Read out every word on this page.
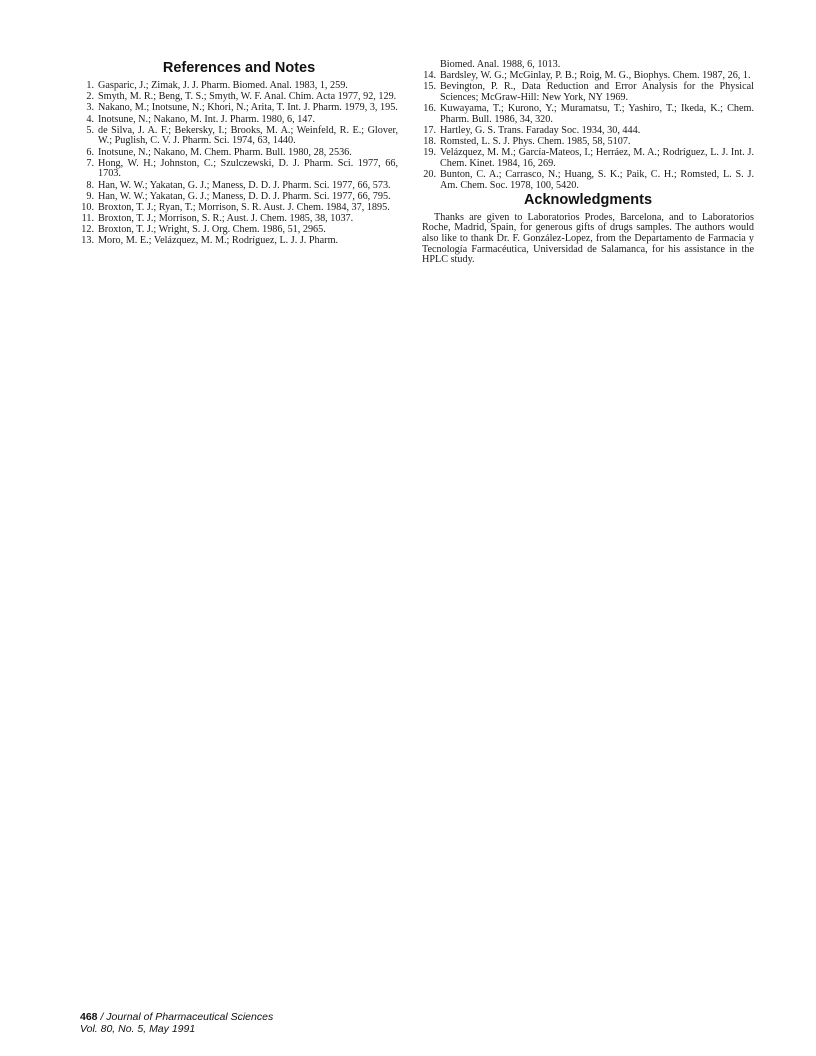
References and Notes
1. Gasparic, J.; Zimak, J. J. Pharm. Biomed. Anal. 1983, 1, 259.
2. Smyth, M. R.; Beng, T. S.; Smyth, W. F. Anal. Chim. Acta 1977, 92, 129.
3. Nakano, M.; Inotsune, N.; Khori, N.; Arita, T. Int. J. Pharm. 1979, 3, 195.
4. Inotsune, N.; Nakano, M. Int. J. Pharm. 1980, 6, 147.
5. de Silva, J. A. F.; Bekersky, I.; Brooks, M. A.; Weinfeld, R. E.; Glover, W.; Puglish, C. V. J. Pharm. Sci. 1974, 63, 1440.
6. Inotsune, N.; Nakano, M. Chem. Pharm. Bull. 1980, 28, 2536.
7. Hong, W. H.; Johnston, C.; Szulczewski, D. J. Pharm. Sci. 1977, 66, 1703.
8. Han, W. W.; Yakatan, G. J.; Maness, D. D. J. Pharm. Sci. 1977, 66, 573.
9. Han, W. W.; Yakatan, G. J.; Maness, D. D. J. Pharm. Sci. 1977, 66, 795.
10. Broxton, T. J.; Ryan, T.; Morrison, S. R. Aust. J. Chem. 1984, 37, 1895.
11. Broxton, T. J.; Morrison, S. R.; Aust. J. Chem. 1985, 38, 1037.
12. Broxton, T. J.; Wright, S. J. Org. Chem. 1986, 51, 2965.
13. Moro, M. E.; Velázquez, M. M.; Rodríguez, L. J. J. Pharm.
Biomed. Anal. 1988, 6, 1013.
14. Bardsley, W. G.; McGinlay, P. B.; Roig, M. G., Biophys. Chem. 1987, 26, 1.
15. Bevington, P. R., Data Reduction and Error Analysis for the Physical Sciences; McGraw-Hill: New York, NY 1969.
16. Kuwayama, T.; Kurono, Y.; Muramatsu, T.; Yashiro, T.; Ikeda, K.; Chem. Pharm. Bull. 1986, 34, 320.
17. Hartley, G. S. Trans. Faraday Soc. 1934, 30, 444.
18. Romsted, L. S. J. Phys. Chem. 1985, 58, 5107.
19. Velázquez, M. M.; García-Mateos, I.; Herráez, M. A.; Rodríguez, L. J. Int. J. Chem. Kinet. 1984, 16, 269.
20. Bunton, C. A.; Carrasco, N.; Huang, S. K.; Paik, C. H.; Romsted, L. S. J. Am. Chem. Soc. 1978, 100, 5420.
Acknowledgments

Thanks are given to Laboratorios Prodes, Barcelona, and to Laboratorios Roche, Madrid, Spain, for generous gifts of drugs samples. The authors would also like to thank Dr. F. González-Lopez, from the Departamento de Farmacia y Tecnología Farmacéutica, Universidad de Salamanca, for his assistance in the HPLC study.

468 / Journal of Pharmaceutical Sciences
Vol. 80, No. 5, May 1991
